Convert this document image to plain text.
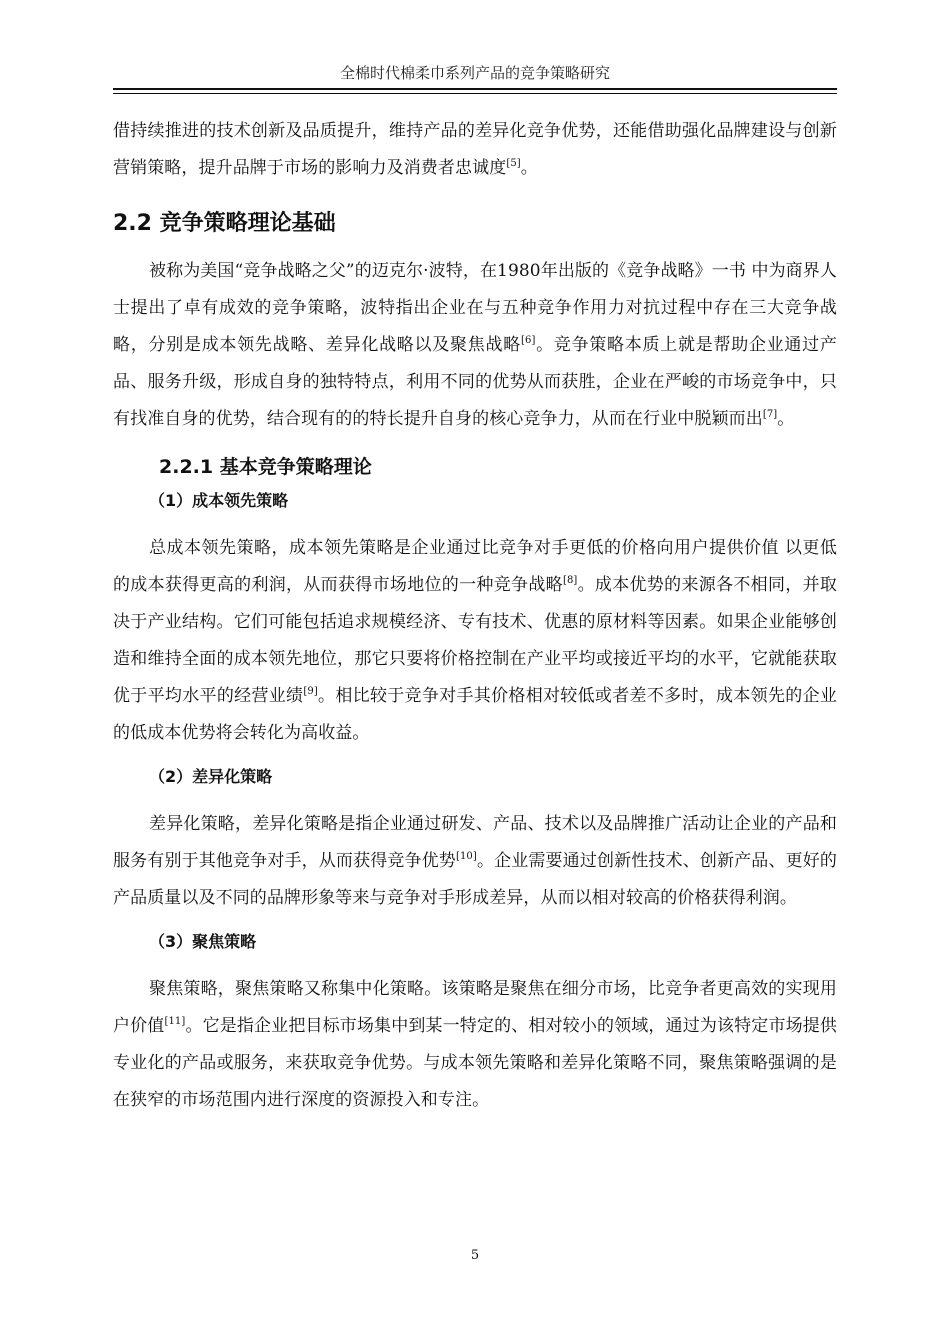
全棉时代棉柔巾系列产品的竞争策略研究

借持续推进的技术创新及品质提升，维持产品的差异化竞争优势，还能借助强化品牌建设与创新营销策略，提升品牌于市场的影响力及消费者忠诚度[5]。

2.2 竞争策略理论基础

被称为美国“竞争战略之父”的迈克尔·波特，在1980年出版的《竞争战略》一书 中为商界人士提出了卓有成效的竞争策略，波特指出企业在与五种竞争作用力对抗过程中存在三大竞争战略，分别是成本领先战略、差异化战略以及聚焦战略[6]。竞争策略本质上就是帮助企业通过产品、服务升级，形成自身的独特特点，利用不同的优势从而获胜，企业在严峻的市场竞争中，只有找准自身的优势，结合现有的的特长提升自身的核心竞争力，从而在行业中脱颖而出[7]。

2.2.1 基本竞争策略理论
（1）成本领先策略

总成本领先策略，成本领先策略是企业通过比竞争对手更低的价格向用户提供价值 以更低的成本获得更高的利润，从而获得市场地位的一种竞争战略[8]。成本优势的来源各不相同，并取决于产业结构。它们可能包括追求规模经济、专有技术、优惠的原材料等因素。如果企业能够创造和维持全面的成本领先地位，那它只要将价格控制在产业平均或接近平均的水平，它就能获取优于平均水平的经营业绩[9]。相比较于竞争对手其价格相对较低或者差不多时，成本领先的企业的低成本优势将会转化为高收益。

（2）差异化策略

差异化策略，差异化策略是指企业通过研发、产品、技术以及品牌推广活动让企业的产品和服务有别于其他竞争对手，从而获得竞争优势[10]。企业需要通过创新性技术、创新产品、更好的产品质量以及不同的品牌形象等来与竞争对手形成差异，从而以相对较高的价格获得利润。

（3）聚焦策略

聚焦策略，聚焦策略又称集中化策略。该策略是聚焦在细分市场，比竞争者更高效的实现用户价值[11]。它是指企业把目标市场集中到某一特定的、相对较小的领域，通过为该特定市场提供专业化的产品或服务，来获取竞争优势。与成本领先策略和差异化策略不同，聚焦策略强调的是在狭窄的市场范围内进行深度的资源投入和专注。

5
